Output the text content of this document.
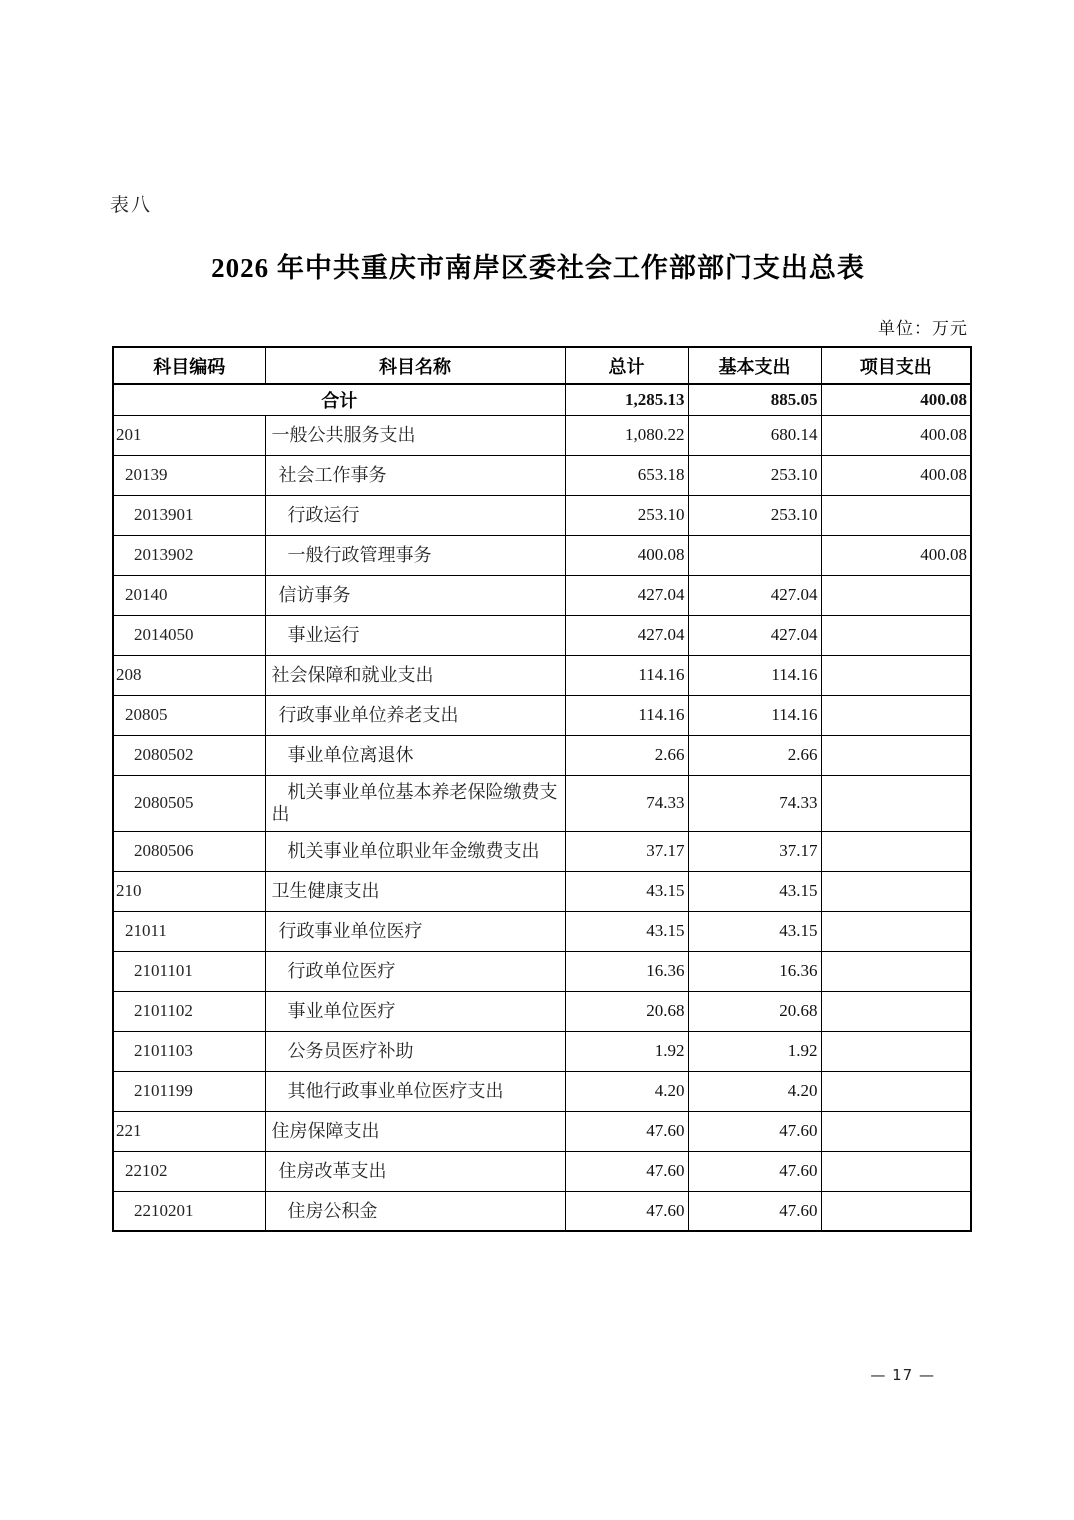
表八
2026 年中共重庆市南岸区委社会工作部部门支出总表
单位：万元
科目编码	科目名称	总计	基本支出	项目支出
合计		1,285.13	885.05	400.08
201	一般公共服务支出	1,080.22	680.14	400.08
20139	社会工作事务	653.18	253.10	400.08
2013901	行政运行	253.10	253.10	
2013902	一般行政管理事务	400.08		400.08
20140	信访事务	427.04	427.04	
2014050	事业运行	427.04	427.04	
208	社会保障和就业支出	114.16	114.16	
20805	行政事业单位养老支出	114.16	114.16	
2080502	事业单位离退休	2.66	2.66	
2080505	机关事业单位基本养老保险缴费支出	74.33	74.33	
2080506	机关事业单位职业年金缴费支出	37.17	37.17	
210	卫生健康支出	43.15	43.15	
21011	行政事业单位医疗	43.15	43.15	
2101101	行政单位医疗	16.36	16.36	
2101102	事业单位医疗	20.68	20.68	
2101103	公务员医疗补助	1.92	1.92	
2101199	其他行政事业单位医疗支出	4.20	4.20	
221	住房保障支出	47.60	47.60	
22102	住房改革支出	47.60	47.60	
2210201	住房公积金	47.60	47.60	
— 17 —
